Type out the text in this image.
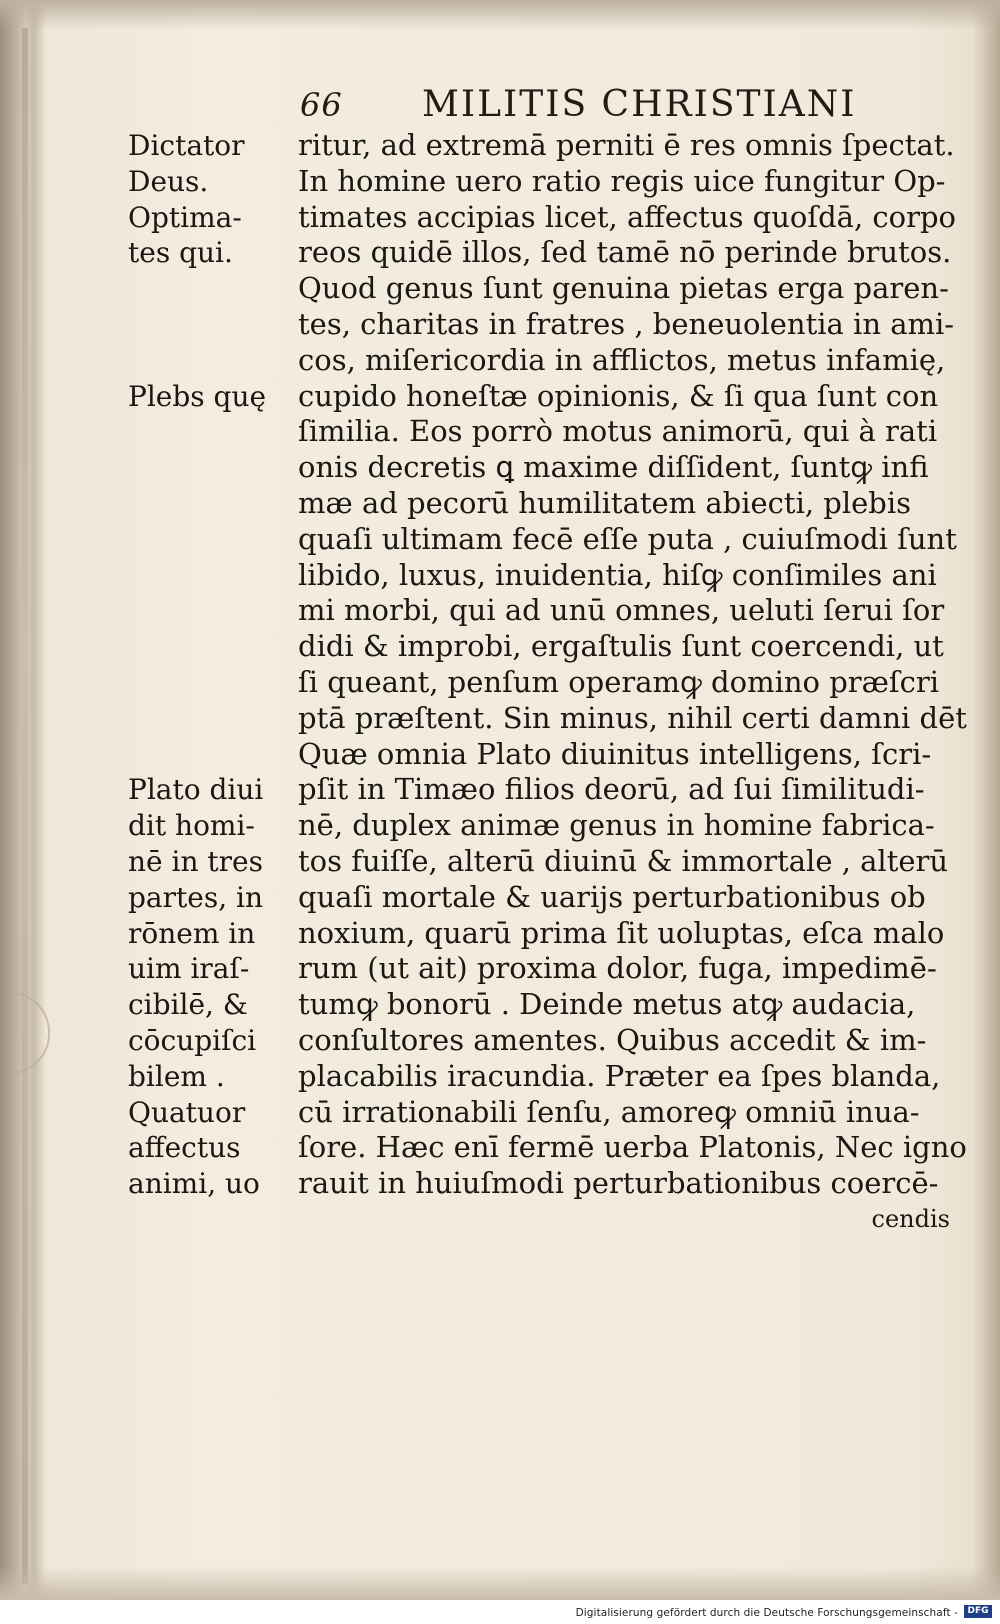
66 MILITIS CHRISTIANI
Dictator
Deus.
Optima-
tes qui.
Plebs quę
Plato diui
dit homi-
nē in tres
partes, in
rōnem in
uim iraſ-
cibilē, &
cōcupiſci
bilem .
Quatuor
affectus
animi, uo
ritur, ad extremā perniti ē res omnis ſpectat.
In homine uero ratio regis uice fungitur Op-
timates accipias licet, affectus quoſdā, corpo
reos quidē illos, ſed tamē nō perinde brutos.
Quod genus ſunt genuina pietas erga paren-
tes, charitas in fratres , beneuolentia in ami-
cos, miſericordia in afflictos, metus infamię,
cupido honeſtæ opinionis, & ſi qua ſunt con
ſimilia. Eos porrò motus animorū, qui à rati
onis decretis ꝗ maxime diſſident, ſuntꝙ infi
mæ ad pecorū humilitatem abiecti, plebis
quaſi ultimam fecē eſſe puta , cuiuſmodi ſunt
libido, luxus, inuidentia, hiſꝙ conſimiles ani
mi morbi, qui ad unū omnes, ueluti ſerui ſor
didi & improbi, ergaſtulis ſunt coercendi, ut
ſi queant, penſum operamꝙ domino præſcri
ptā præſtent. Sin minus, nihil certi damni dēt
Quæ omnia Plato diuinitus intelligens, ſcri-
pſit in Timæo filios deorū, ad ſui ſimilitudi-
nē, duplex animæ genus in homine fabrica-
tos fuiſſe, alterū diuinū & immortale , alterū
quaſi mortale & uarijs perturbationibus ob
noxium, quarū prima ſit uoluptas, eſca malo
rum (ut ait) proxima dolor, fuga, impedimē-
tumꝙ bonorū . Deinde metus atꝙ audacia,
conſultores amentes. Quibus accedit & im-
placabilis iracundia. Præter ea ſpes blanda,
cū irrationabili ſenſu, amoreꝙ omniū inua-
ſore. Hæc enī fermē uerba Platonis, Nec igno
rauit in huiuſmodi perturbationibus coercē-
cendis
Digitalisierung gefördert durch die Deutsche Forschungsgemeinschaft -	DFG
